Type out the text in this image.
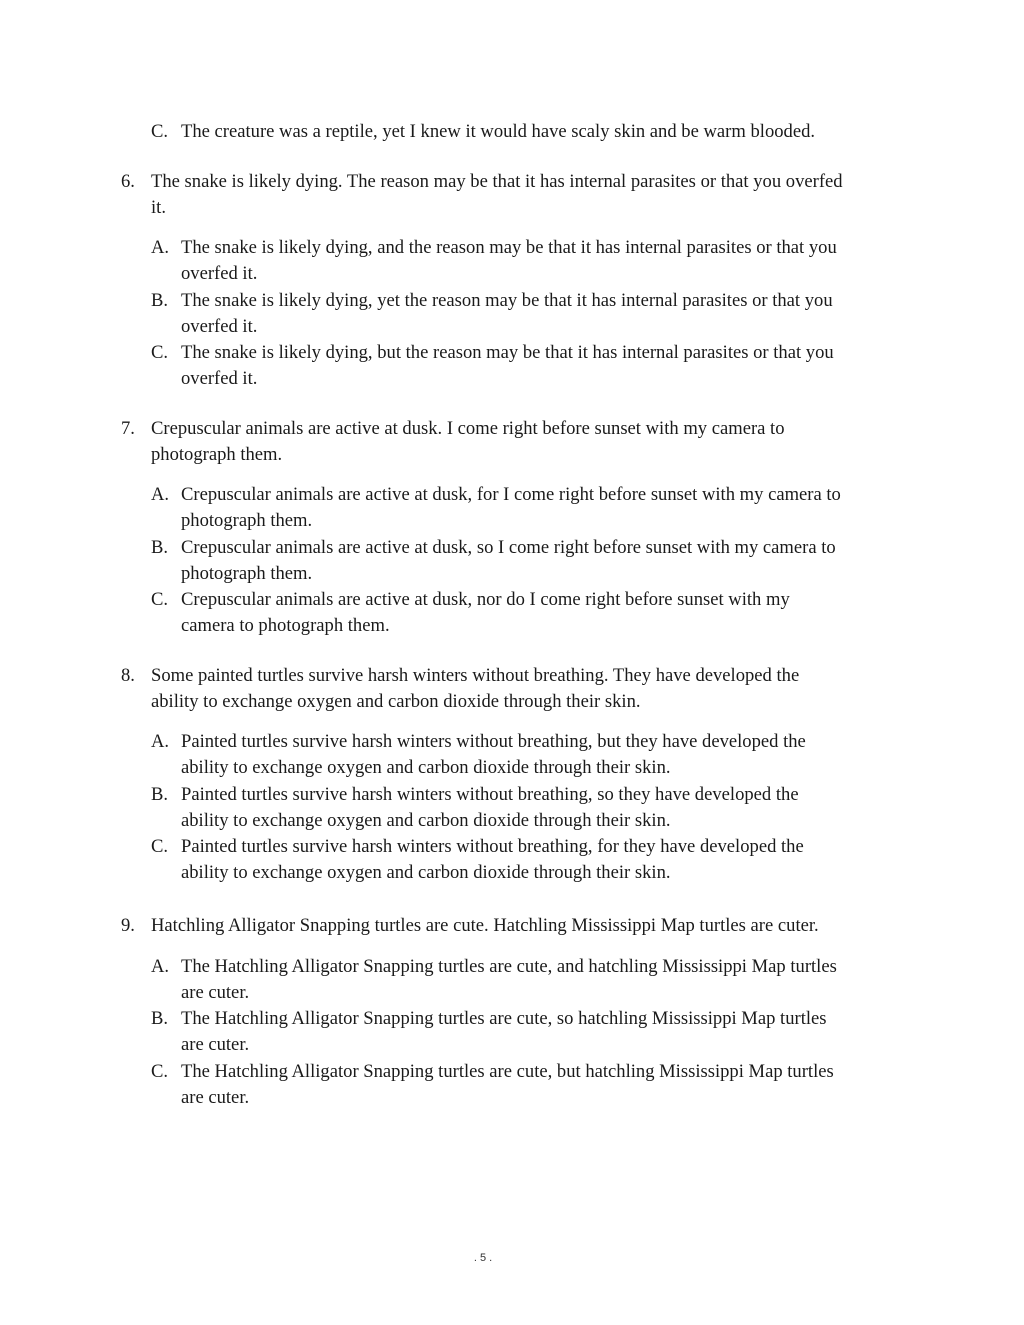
C. The creature was a reptile, yet I knew it would have scaly skin and be warm blooded.
6. The snake is likely dying. The reason may be that it has internal parasites or that you overfed
it.
A. The snake is likely dying, and the reason may be that it has internal parasites or that you
overfed it.
B. The snake is likely dying, yet the reason may be that it has internal parasites or that you
overfed it.
C. The snake is likely dying, but the reason may be that it has internal parasites or that you
overfed it.
7. Crepuscular animals are active at dusk. I come right before sunset with my camera to
photograph them.
A. Crepuscular animals are active at dusk, for I come right before sunset with my camera to
photograph them.
B. Crepuscular animals are active at dusk, so I come right before sunset with my camera to
photograph them.
C. Crepuscular animals are active at dusk, nor do I come right before sunset with my
camera to photograph them.
8. Some painted turtles survive harsh winters without breathing. They have developed the
ability to exchange oxygen and carbon dioxide through their skin.
A. Painted turtles survive harsh winters without breathing, but they have developed the
ability to exchange oxygen and carbon dioxide through their skin.
B. Painted turtles survive harsh winters without breathing, so they have developed the
ability to exchange oxygen and carbon dioxide through their skin.
C. Painted turtles survive harsh winters without breathing, for they have developed the
ability to exchange oxygen and carbon dioxide through their skin.
9. Hatchling Alligator Snapping turtles are cute. Hatchling Mississippi Map turtles are cuter.
A. The Hatchling Alligator Snapping turtles are cute, and hatchling Mississippi Map turtles
are cuter.
B. The Hatchling Alligator Snapping turtles are cute, so hatchling Mississippi Map turtles
are cuter.
C. The Hatchling Alligator Snapping turtles are cute, but hatchling Mississippi Map turtles
are cuter.
. 5 .
